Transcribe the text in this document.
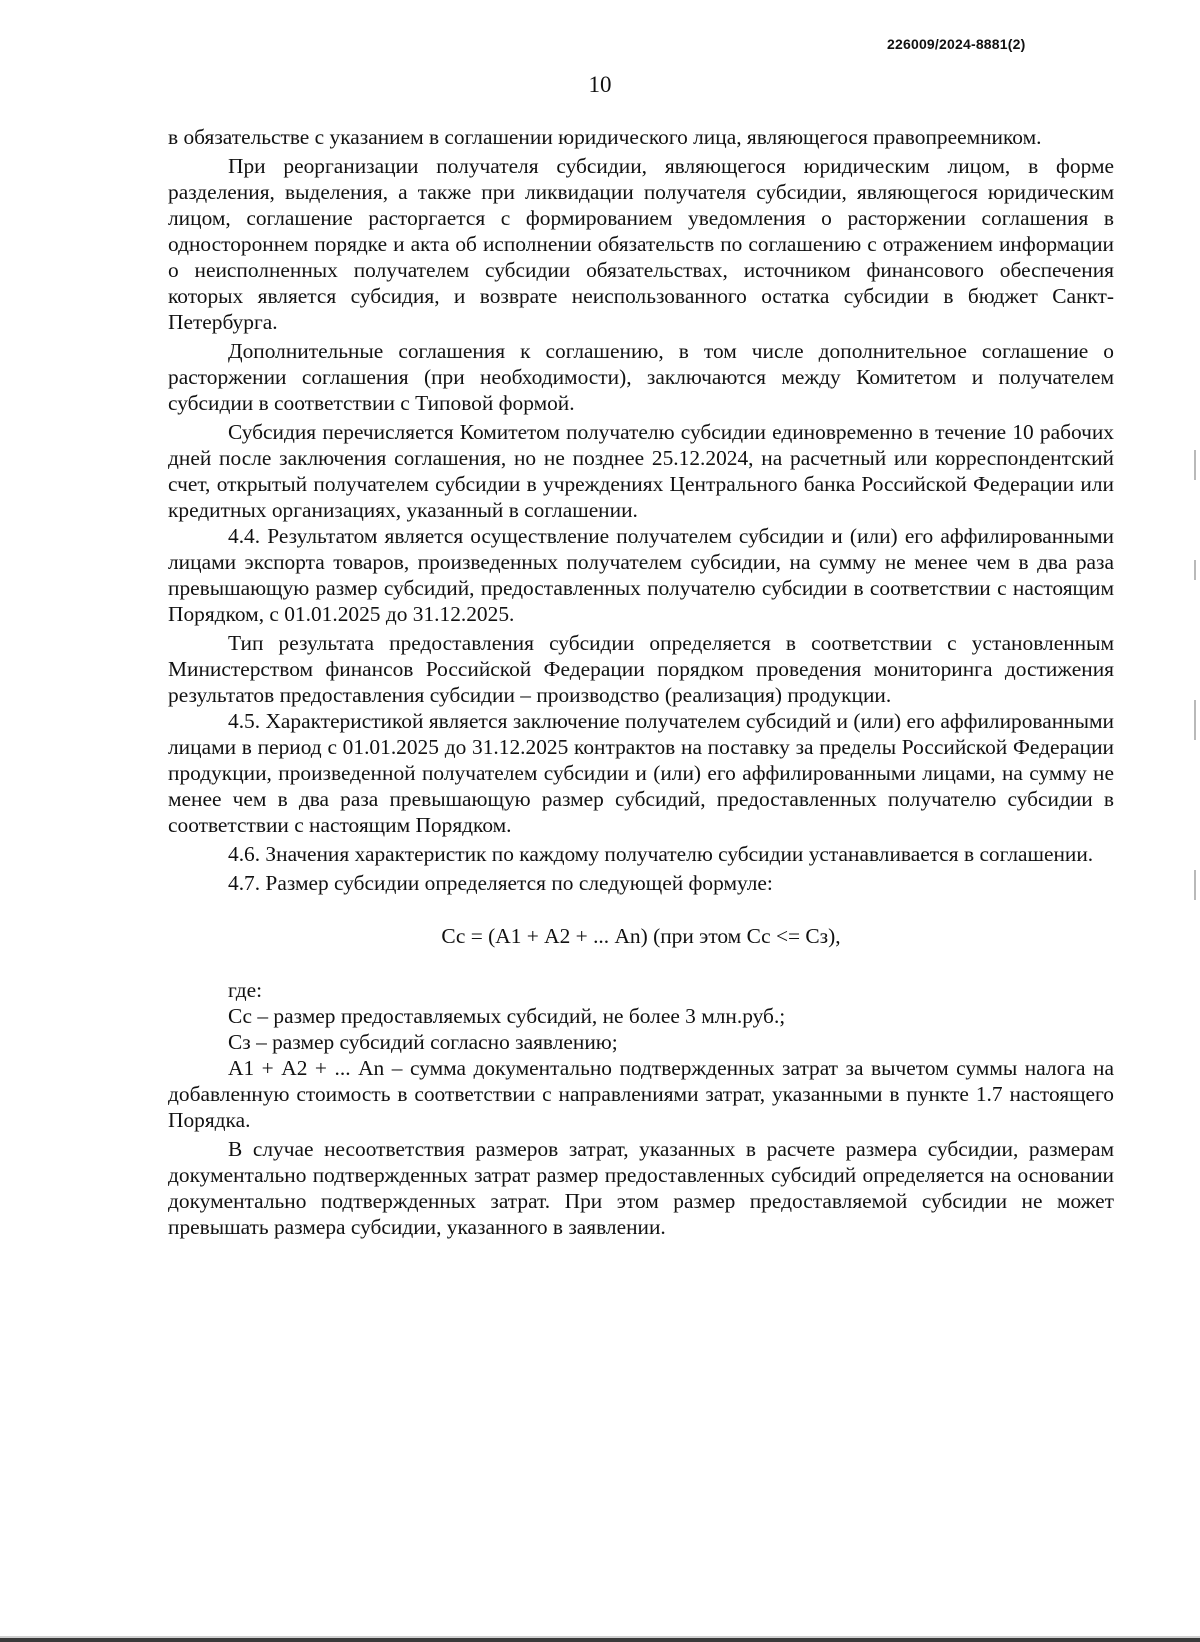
226009/2024-8881(2)
10

в обязательстве с указанием в соглашении юридического лица, являющегося правопреемником.

При реорганизации получателя субсидии, являющегося юридическим лицом, в форме разделения, выделения, а также при ликвидации получателя субсидии, являющегося юридическим лицом, соглашение расторгается с формированием уведомления о расторжении соглашения в одностороннем порядке и акта об исполнении обязательств по соглашению с отражением информации о неисполненных получателем субсидии обязательствах, источником финансового обеспечения которых является субсидия, и возврате неиспользованного остатка субсидии в бюджет Санкт-Петербурга.

Дополнительные соглашения к соглашению, в том числе дополнительное соглашение о расторжении соглашения (при необходимости), заключаются между Комитетом и получателем субсидии в соответствии с Типовой формой.

Субсидия перечисляется Комитетом получателю субсидии единовременно в течение 10 рабочих дней после заключения соглашения, но не позднее 25.12.2024, на расчетный или корреспондентский счет, открытый получателем субсидии в учреждениях Центрального банка Российской Федерации или кредитных организациях, указанный в соглашении.

4.4. Результатом является осуществление получателем субсидии и (или) его аффилированными лицами экспорта товаров, произведенных получателем субсидии, на сумму не менее чем в два раза превышающую размер субсидий, предоставленных получателю субсидии в соответствии с настоящим Порядком, с 01.01.2025 до 31.12.2025.

Тип результата предоставления субсидии определяется в соответствии с установленным Министерством финансов Российской Федерации порядком проведения мониторинга достижения результатов предоставления субсидии – производство (реализация) продукции.

4.5. Характеристикой является заключение получателем субсидий и (или) его аффилированными лицами в период с 01.01.2025 до 31.12.2025 контрактов на поставку за пределы Российской Федерации продукции, произведенной получателем субсидии и (или) его аффилированными лицами, на сумму не менее чем в два раза превышающую размер субсидий, предоставленных получателю субсидии в соответствии с настоящим Порядком.

4.6. Значения характеристик по каждому получателю субсидии устанавливается в соглашении.

4.7. Размер субсидии определяется по следующей формуле:

Сс = (А1 + А2 + ... Аn) (при этом Сс <= Сз),

где:

Сс – размер предоставляемых субсидий, не более 3 млн.руб.;

Сз – размер субсидий согласно заявлению;

А1 + А2 + ... Аn – сумма документально подтвержденных затрат за вычетом суммы налога на добавленную стоимость в соответствии с направлениями затрат, указанными в пункте 1.7 настоящего Порядка.

В случае несоответствия размеров затрат, указанных в расчете размера субсидии, размерам документально подтвержденных затрат размер предоставленных субсидий определяется на основании документально подтвержденных затрат. При этом размер предоставляемой субсидии не может превышать размера субсидии, указанного в заявлении.
